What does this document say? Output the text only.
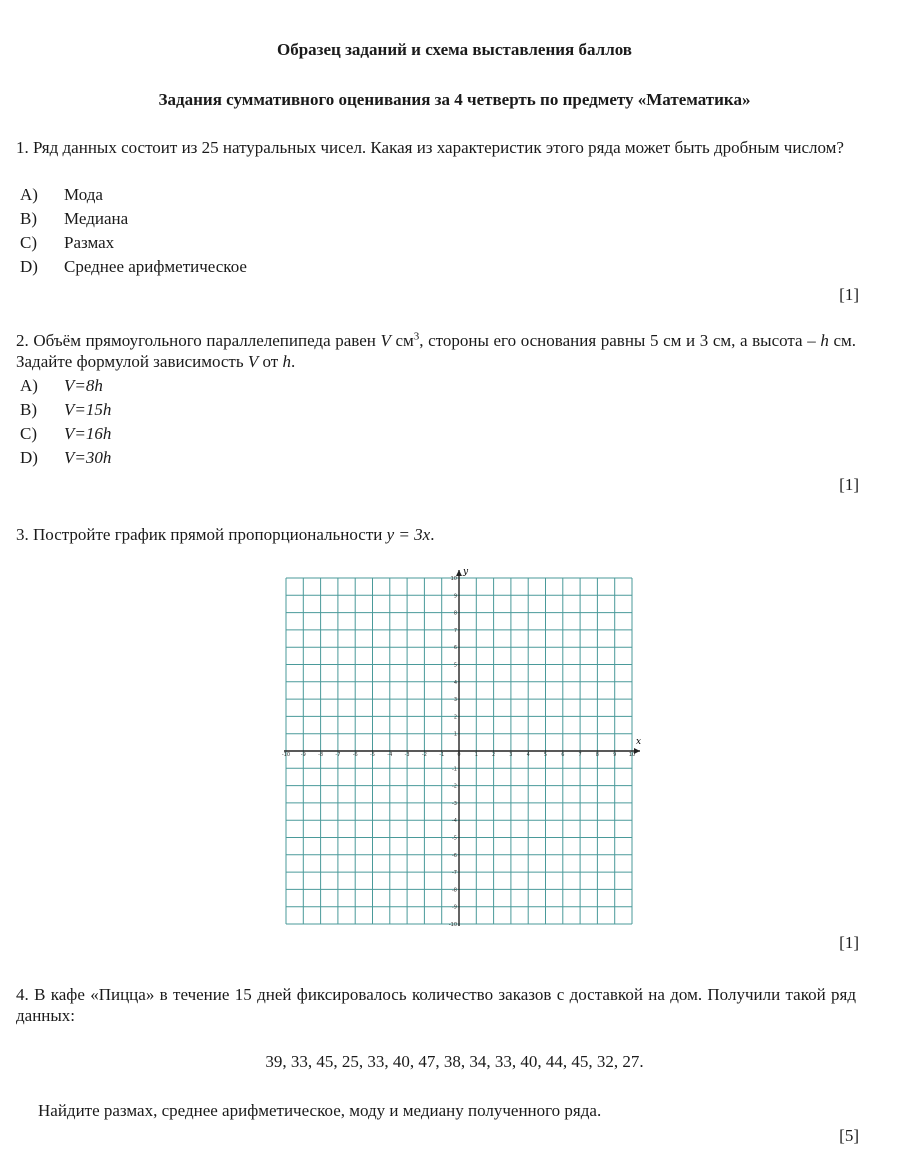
Образец заданий и схема выставления баллов
Задания суммативного оценивания за 4 четверть по предмету «Математика»
1. Ряд данных состоит из 25 натуральных чисел. Какая из характеристик этого ряда может быть дробным числом?
A)	Мода
B)	Медиана
C)	Размах
D)	Среднее арифметическое
[1]
2. Объём прямоугольного параллелепипеда равен V $см^3$, стороны его основания равны 5 см и 3 см, а высота – h см. Задайте формулой зависимость V от h.
A)	V=8h
B)	V=15h
C)	V=16h
D)	V=30h
[1]
3. Постройте график прямой пропорциональности y = 3x.
x
y
-10 -9 -8 -7 -6 -5 -4 -3 -2 -1	0	1	2	3	4	5	6	7	8	9	10
10
9
8
7
6
5
4
3
2
1
-1
-2
-3
-4
-5
-6
-7
-8
-9
-10
[1]
4. В кафе «Пицца» в течение 15 дней фиксировалось количество заказов с доставкой на дом. Получили такой ряд данных:
39, 33, 45, 25, 33, 40, 47, 38, 34, 33, 40, 44, 45, 32, 27.
Найдите размах, среднее арифметическое, моду и медиану полученного ряда.
[5]
